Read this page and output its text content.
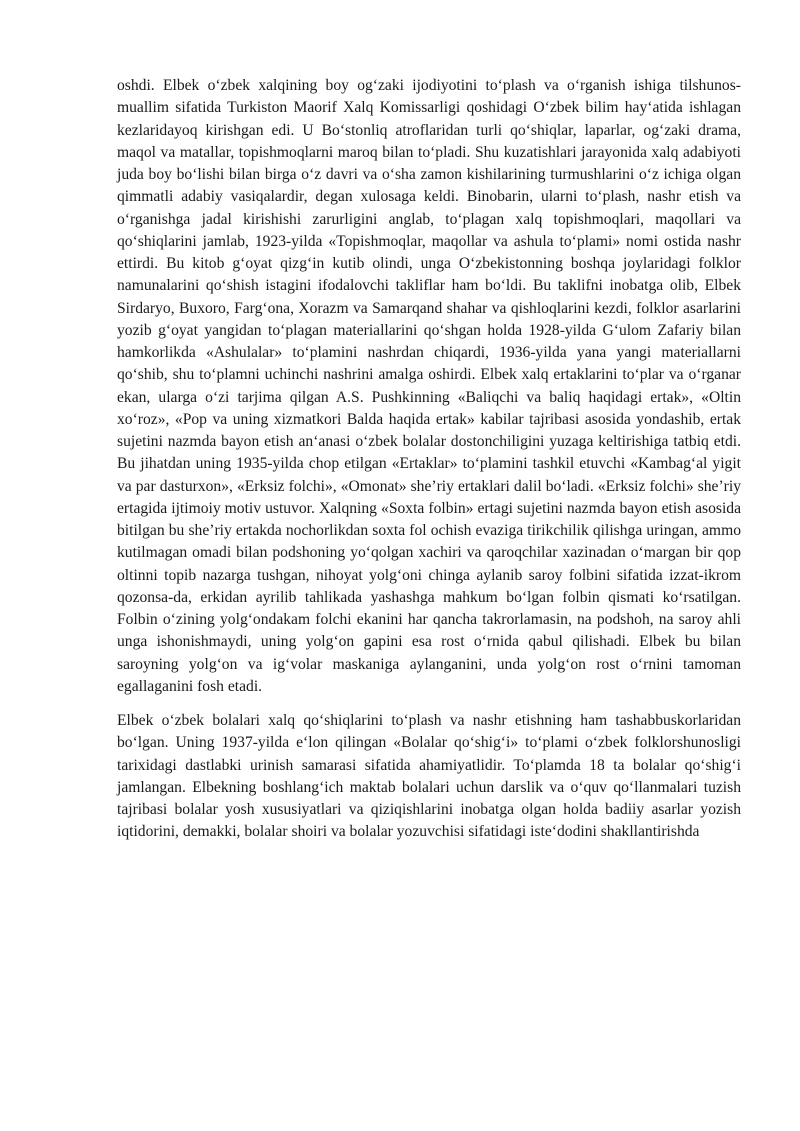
oshdi. Elbek oʻzbek xalqining boy ogʻzaki ijodiyotini toʻplash va oʻrganish ishiga tilshunos-muallim sifatida Turkiston Maorif Xalq Komissarligi qoshidagi Oʻzbek bilim hayʻatida ishlagan kezlaridayoq kirishgan edi. U Boʻstonliq atroflaridan turli qoʻshiqlar, laparlar, ogʻzaki drama, maqol va matallar, topishmoqlarni maroq bilan toʻpladi. Shu kuzatishlari jarayonida xalq adabiyoti juda boy boʻlishi bilan birga oʻz davri va oʻsha zamon kishilarining turmushlarini oʻz ichiga olgan qimmatli adabiy vasiqalardir, degan xulosaga keldi. Binobarin, ularni toʻplash, nashr etish va oʻrganishga jadal kirishishi zarurligini anglab, toʻplagan xalq topishmoqlari, maqollari va qoʻshiqlarini jamlab, 1923-yilda «Topishmoqlar, maqollar va ashula toʻplami» nomi ostida nashr ettirdi. Bu kitob gʻoyat qizgʻin kutib olindi, unga Oʻzbekistonning boshqa joylaridagi folklor namunalarini qoʻshish istagini ifodalovchi takliflar ham boʻldi. Bu taklifni inobatga olib, Elbek Sirdaryo, Buxoro, Fargʻona, Xorazm va Samarqand shahar va qishloqlarini kezdi, folklor asarlarini yozib gʻoyat yangidan toʻplagan materiallarini qoʻshgan holda 1928-yilda Gʻulom Zafariy bilan hamkorlikda «Ashulalar» toʻplamini nashrdan chiqardi, 1936-yilda yana yangi materiallarni qoʻshib, shu toʻplamni uchinchi nashrini amalga oshirdi. Elbek xalq ertaklarini toʻplar va oʻrganar ekan, ularga oʻzi tarjima qilgan A.S. Pushkinning «Baliqchi va baliq haqidagi ertak», «Oltin xoʻroz», «Pop va uning xizmatkori Balda haqida ertak» kabilar tajribasi asosida yondashib, ertak sujetini nazmda bayon etish anʻanasi oʻzbek bolalar dostonchiligini yuzaga keltirishiga tatbiq etdi. Bu jihatdan uning 1935-yilda chop etilgan «Ertaklar» toʻplamini tashkil etuvchi «Kambagʻal yigit va par dasturxon», «Erksiz folchi», «Omonat» sheʼriy ertaklari dalil boʻladi. «Erksiz folchi» sheʼriy ertagida ijtimoiy motiv ustuvor. Xalqning «Soxta folbin» ertagi sujetini nazmda bayon etish asosida bitilgan bu sheʼriy ertakda nochorlikdan soxta fol ochish evaziga tirikchilik qilishga uringan, ammo kutilmagan omadi bilan podshoning yoʻqolgan xachiri va qaroqchilar xazinadan oʻmargan bir qop oltinni topib nazarga tushgan, nihoyat yolgʻoni chinga aylanib saroy folbini sifatida izzat-ikrom qozonsa-da, erkidan ayrilib tahlikada yashashga mahkum boʻlgan folbin qismati koʻrsatilgan. Folbin oʻzining yolgʻondakam folchi ekanini har qancha takrorlamasin, na podshoh, na saroy ahli unga ishonishmaydi, uning yolgʻon gapini esa rost oʻrnida qabul qilishadi. Elbek bu bilan saroyning yolgʻon va igʻvolar maskaniga aylanganini, unda yolgʻon rost oʻrnini tamoman egallaganini fosh etadi.

Elbek oʻzbek bolalari xalq qoʻshiqlarini toʻplash va nashr etishning ham tashabbuskorlaridan boʻlgan. Uning 1937-yilda eʻlon qilingan «Bolalar qoʻshigʻi» toʻplami oʻzbek folklorshunosligi tarixidagi dastlabki urinish samarasi sifatida ahamiyatlidir. Toʻplamda 18 ta bolalar qoʻshigʻi jamlangan. Elbekning boshlangʻich maktab bolalari uchun darslik va oʻquv qoʻllanmalari tuzish tajribasi bolalar yosh xususiyatlari va qiziqishlarini inobatga olgan holda badiiy asarlar yozish iqtidorini, demakki, bolalar shoiri va bolalar yozuvchisi sifatidagi isteʻdodini shakllantirishda
